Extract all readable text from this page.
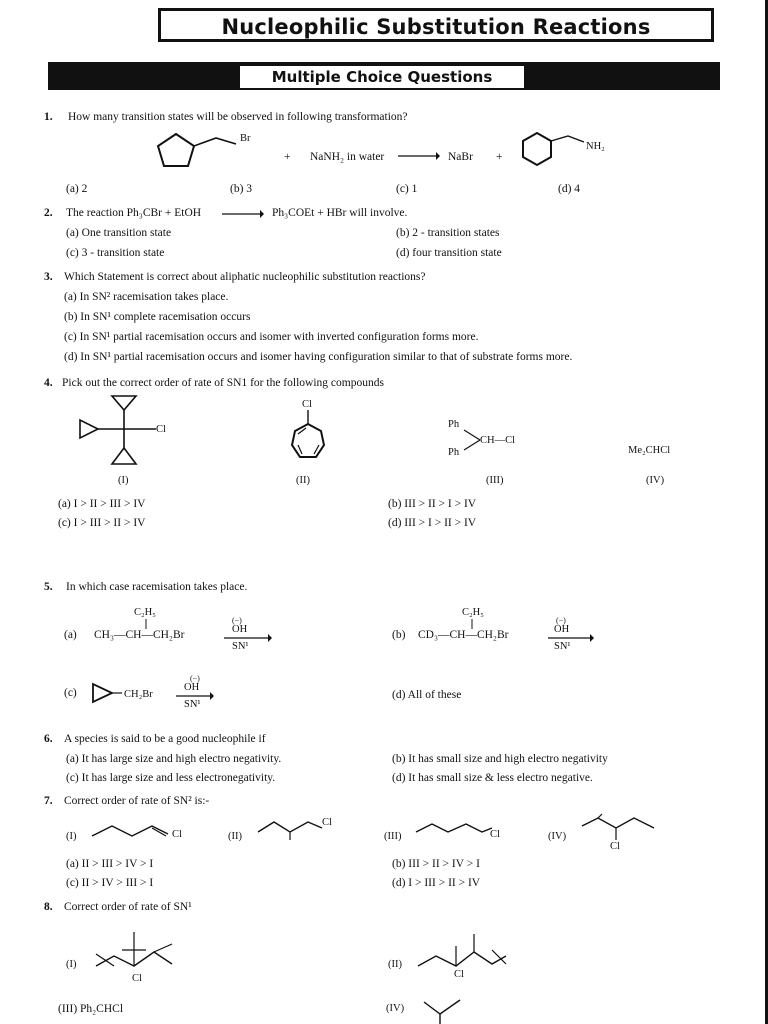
Nucleophilic Substitution Reactions
Multiple Choice Questions
1. How many transition states will be observed in following transformation?
Br
+ NaNH₂ in water	NaBr +
NH₂
(a) 2	(b) 3	(c) 1	(d) 4
2. The reaction Ph₃CBr + EtOH	Ph₃COEt + HBr will involve.
(a) One transition state	(b) 2 - transition states
(c) 3 - transition state	(d) four transition state
3. Which Statement is correct about aliphatic nucleophilic substitution reactions?
(a) In SN² racemisation takes place.
(b) In SN¹ complete racemisation occurs
(c) In SN¹ partial racemisation occurs and isomer with inverted configuration forms more.
(d) In SN¹ partial racemisation occurs and isomer having configuration similar to that of substrate forms more.
4. Pick out the correct order of rate of SN1 for the following compounds
Cl
Cl
Ph
Ph
CH—Cl
Me₂CHCl
(I)	(II)	(III)	(IV)
(a) I > II > III > IV	(b) III > II > I > IV
(c) I > III > II > IV	(d) III > I > II > IV
5. In which case racemisation takes place.
C₂H₅
(a) CH₃—CH—CH₂Br
(−)
OH
SN¹
C₂H₅
(b) CD₃—CH—CH₂Br
(−)
OH
SN¹
(c)	CH₂Br
(−)
OH
SN¹
(d) All of these
6. A species is said to be a good nucleophile if
(a) It has large size and high electro negativity.	(b) It has small size and high electro negativity
(c) It has large size and less electronegativity.	(d) It has small size & less electro negative.
7. Correct order of rate of SN² is:-
(I)	Cl	(II)
Cl
(III)	Cl	(IV)
Cl
(a) II > III > IV > I	(b) III > II > IV > I
(c) II > IV > III > I	(d) I > III > II > IV
8. Correct order of rate of SN¹
(I)
Cl
(II)
Cl
(III) Ph₂CHCl	(IV)
